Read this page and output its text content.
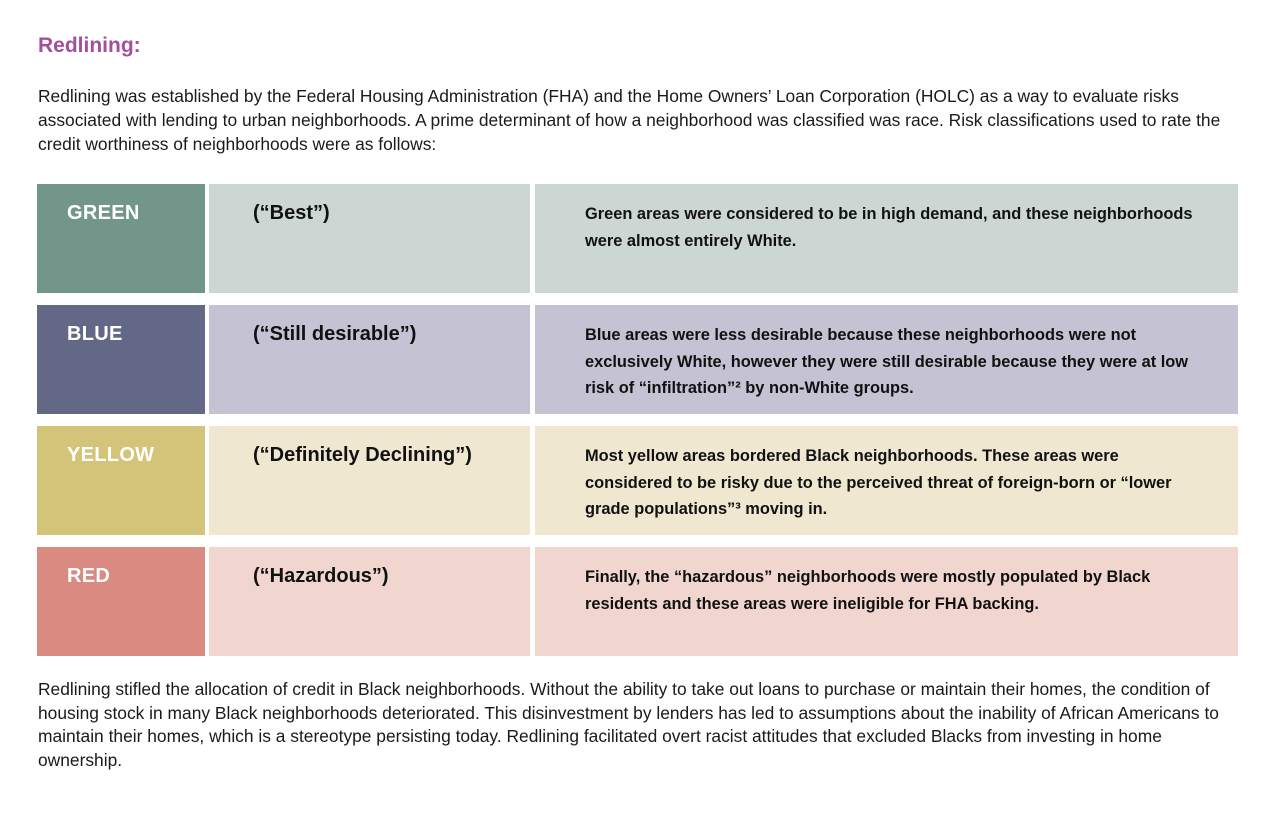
Redlining:

Redlining was established by the Federal Housing Administration (FHA) and the Home Owners’ Loan Corporation (HOLC) as a way to evaluate risks associated with lending to urban neighborhoods. A prime determinant of how a neighborhood was classified was race. Risk classifications used to rate the credit worthiness of neighborhoods were as follows:

GREEN	(“Best”)	Green areas were considered to be in high demand, and these neighborhoods were almost entirely White.
BLUE	(“Still desirable”)	Blue areas were less desirable because these neighborhoods were not exclusively White, however they were still desirable because they were at low risk of “infiltration”² by non-White groups.
YELLOW	(“Definitely Declining”)	Most yellow areas bordered Black neighborhoods. These areas were considered to be risky due to the perceived threat of foreign-born or “lower grade populations”³ moving in.
RED	(“Hazardous”)	Finally, the “hazardous” neighborhoods were mostly populated by Black residents and these areas were ineligible for FHA backing.

Redlining stifled the allocation of credit in Black neighborhoods. Without the ability to take out loans to purchase or maintain their homes, the condition of housing stock in many Black neighborhoods deteriorated. This disinvestment by lenders has led to assumptions about the inability of African Americans to maintain their homes, which is a stereotype persisting today. Redlining facilitated overt racist attitudes that excluded Blacks from investing in home ownership.
